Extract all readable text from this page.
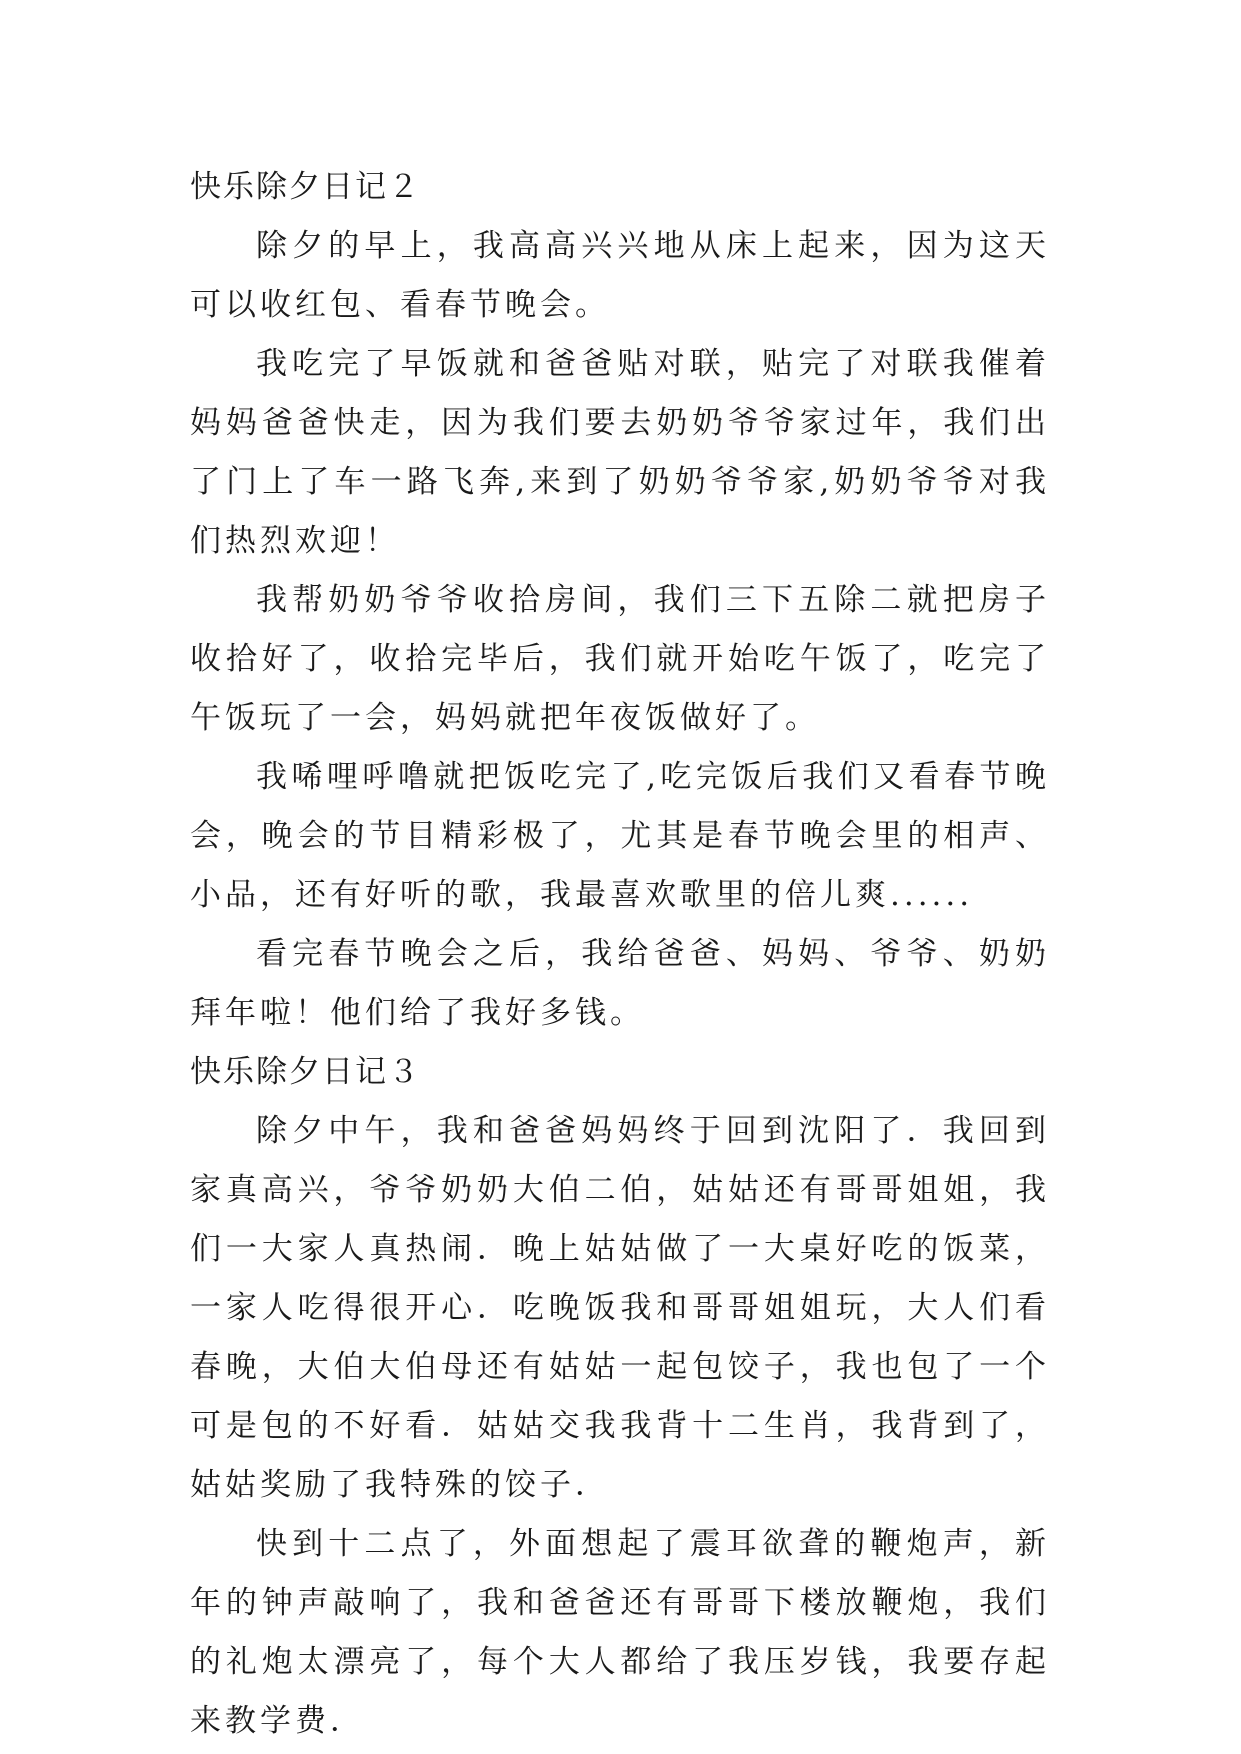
快乐除夕日记２

除夕的早上，我高高兴兴地从床上起来，因为这天可以收红包、看春节晚会。

我吃完了早饭就和爸爸贴对联，贴完了对联我催着妈妈爸爸快走，因为我们要去奶奶爷爷家过年，我们出了门上了车一路飞奔,来到了奶奶爷爷家,奶奶爷爷对我们热烈欢迎！

我帮奶奶爷爷收拾房间，我们三下五除二就把房子收拾好了，收拾完毕后，我们就开始吃午饭了，吃完了午饭玩了一会，妈妈就把年夜饭做好了。

我唏哩呼噜就把饭吃完了,吃完饭后我们又看春节晚会，晚会的节目精彩极了，尤其是春节晚会里的相声、小品，还有好听的歌，我最喜欢歌里的倍儿爽......

看完春节晚会之后，我给爸爸、妈妈、爷爷、奶奶拜年啦！他们给了我好多钱。

快乐除夕日记３

除夕中午，我和爸爸妈妈终于回到沈阳了．我回到家真高兴，爷爷奶奶大伯二伯，姑姑还有哥哥姐姐，我们一大家人真热闹．晚上姑姑做了一大桌好吃的饭菜，一家人吃得很开心．吃晚饭我和哥哥姐姐玩，大人们看春晚，大伯大伯母还有姑姑一起包饺子，我也包了一个可是包的不好看．姑姑交我我背十二生肖，我背到了，姑姑奖励了我特殊的饺子．

快到十二点了，外面想起了震耳欲聋的鞭炮声，新年的钟声敲响了，我和爸爸还有哥哥下楼放鞭炮，我们的礼炮太漂亮了，每个大人都给了我压岁钱，我要存起来教学费．
